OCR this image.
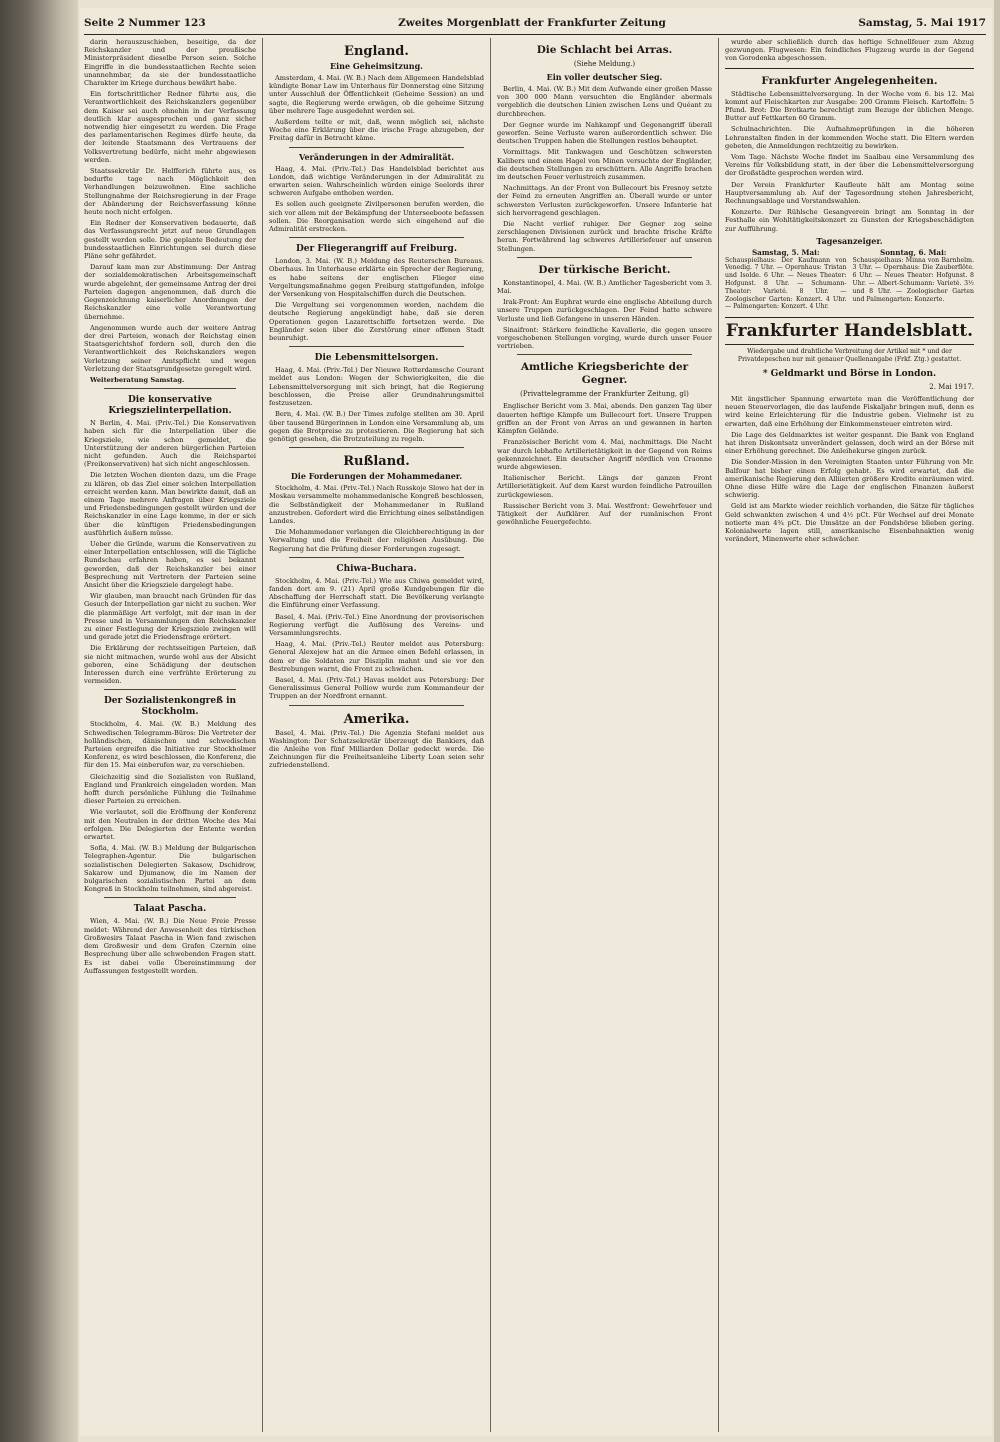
Seite 2 Nummer 123	Zweites Morgenblatt der Frankfurter Zeitung	Samstag, 5. Mai 1917

darin herauszuschieben, beseitige, da der Reichskanzler und der preußische Ministerpräsident dieselbe Person seien. Solche Eingriffe in die bundesstaatlichen Rechte seien unannehmbar, da sie der bundesstaatliche Charakter im Kriege durchaus bewährt habe.

Ein fortschrittlicher Redner führte aus, die Verantwortlichkeit des Reichskanzlers gegenüber dem Kaiser sei auch ohnehin in der Verfassung deutlich klar ausgesprochen und ganz sicher notwendig hier eingesetzt zu werden. Die Frage des parlamentarischen Regimes dürfe heute, da der leitende Staatsmann des Vertrauens der Volksvertretung bedürfe, nicht mehr abgewiesen werden.

Staatssekretär Dr. Helfferich führte aus, es bedurfte tage nach Möglichkeit den Verhandlungen beizuwohnen. Eine sachliche Stellungnahme der Reichsregierung in der Frage der Abänderung der Reichsverfassung könne heute noch nicht erfolgen.

Ein Redner der Konservativen bedauerte, daß das Verfassungsrecht jetzt auf neue Grundlagen gestellt werden solle. Die geplante Bedeutung der bundesstaatlichen Einrichtungen sei durch diese Pläne sehr gefährdet.

Darauf kam man zur Abstimmung: Der Antrag der sozialdemokratischen Arbeitsgemeinschaft wurde abgelehnt, der gemeinsame Antrag der drei Parteien dagegen angenommen, daß durch die Gegenzeichnung kaiserlicher Anordnungen der Reichskanzler eine volle Verantwortung übernehme.

Angenommen wurde auch der weitere Antrag der drei Parteien, wonach der Reichstag einen Staatsgerichtshof fordern soll, durch den die Verantwortlichkeit des Reichskanzlers wegen Verletzung seiner Amtspflicht und wegen Verletzung der Staatsgrundgesetze geregelt wird.

Weiterberatung Samstag.

Die konservative Kriegszielinterpellation.

N Berlin, 4. Mai. (Priv.-Tel.) Die Konservativen haben sich für die Interpellation über die Kriegsziele, wie schon gemeldet, die Unterstützung der anderen bürgerlichen Parteien nicht gefunden. Auch die Reichspartei (Freikonservativen) hat sich nicht angeschlossen.

Die letzten Wochen dienten dazu, um die Frage zu klären, ob das Ziel einer solchen Interpellation erreicht werden kann. Man bewirkte damit, daß an einem Tage mehrere Anfragen über Kriegsziele und Friedensbedingungen gestellt würden und der Reichskanzler in eine Lage komme, in der er sich über die künftigen Friedensbedingungen ausführlich äußern müsse.

Ueber die Gründe, warum die Konservativen zu einer Interpellation entschlossen, will die Tägliche Rundschau erfahren haben, es sei bekannt geworden, daß der Reichskanzler bei einer Besprechung mit Vertretern der Parteien seine Ansicht über die Kriegsziele dargelegt habe.

Wir glauben, man braucht nach Gründen für das Gesuch der Interpellation gar nicht zu suchen. Wer die planmäßige Art verfolgt, mit der man in der Presse und in Versammlungen den Reichskanzler zu einer Festlegung der Kriegsziele zwingen will und gerade jetzt die Friedensfrage erörtert.

Die Erklärung der rechtsseitigen Parteien, daß sie nicht mitmachen, wurde wohl aus der Absicht geboren, eine Schädigung der deutschen Interessen durch eine verfrühte Erörterung zu vermeiden.

Der Sozialistenkongreß in Stockholm.

Stockholm, 4. Mai. (W. B.) Meldung des Schwedischen Telegramm-Büros: Die Vertreter der holländischen, dänischen und schwedischen Parteien ergreifen die Initiative zur Stockholmer Konferenz, es wird beschlossen, die Konferenz, die für den 15. Mai einberufen war, zu verschieben.

Gleichzeitig sind die Sozialisten von Rußland, England und Frankreich eingeladen worden. Man hofft durch persönliche Fühlung die Teilnahme dieser Parteien zu erreichen.

Wie verlautet, soll die Eröffnung der Konferenz mit den Neutralen in der dritten Woche des Mai erfolgen. Die Delegierten der Entente werden erwartet.

Sofia, 4. Mai. (W. B.) Meldung der Bulgarischen Telegraphen-Agentur. Die bulgarischen sozialistischen Delegierten Sakasow, Dschidrow, Sakarow und Djumanow, die im Namen der bulgarischen sozialistischen Partei an dem Kongreß in Stockholm teilnehmen, sind abgereist.

Talaat Pascha.

Wien, 4. Mai. (W. B.) Die Neue Freie Presse meldet: Während der Anwesenheit des türkischen Großwesirs Talaat Pascha in Wien fand zwischen dem Großwesir und dem Grafen Czernin eine Besprechung über alle schwebenden Fragen statt. Es ist dabei volle Übereinstimmung der Auffassungen festgestellt worden.

England.
Eine Geheimsitzung.

Amsterdam, 4. Mai. (W. B.) Nach dem Allgemeen Handelsblad kündigte Bonar Law im Unterhaus für Donnerstag eine Sitzung unter Ausschluß der Öffentlichkeit (Geheime Session) an und sagte, die Regierung werde erwägen, ob die geheime Sitzung über mehrere Tage ausgedehnt werden sei.

Außerdem teilte er mit, daß, wenn möglich sei, nächste Woche eine Erklärung über die irische Frage abzugeben, der Freitag dafür in Betracht käme.

Veränderungen in der Admiralität.

Haag, 4. Mai. (Priv.-Tel.) Das Handelsblad berichtet aus London, daß wichtige Veränderungen in der Admiralität zu erwarten seien. Wahrscheinlich würden einige Seelords ihrer schweren Aufgabe enthoben werden.

Es sollen auch geeignete Zivilpersonen berufen werden, die sich vor allem mit der Bekämpfung der Unterseeboote befassen sollen. Die Reorganisation werde sich eingehend auf die Admiralität erstrecken.

Der Fliegerangriff auf Freiburg.

London, 3. Mai. (W. B.) Meldung des Reuterschen Bureaus. Oberhaus. Im Unterhause erklärte ein Sprecher der Regierung, es habe seitens der englischen Flieger eine Vergeltungsmaßnahme gegen Freiburg stattgefunden, infolge der Versenkung von Hospitalschiffen durch die Deutschen.

Die Vergeltung sei vorgenommen worden, nachdem die deutsche Regierung angekündigt habe, daß sie deren Operationen gegen Lazarettschiffe fortsetzen werde. Die Engländer seien über die Zerstörung einer offenen Stadt beunruhigt.

Die Lebensmittelsorgen.

Haag, 4. Mai. (Priv.-Tel.) Der Nieuwe Rotterdamsche Courant meldet aus London: Wegen der Schwierigkeiten, die die Lebensmittelversorgung mit sich bringt, hat die Regierung beschlossen, die Preise aller Grundnahrungsmittel festzusetzen.

Bern, 4. Mai. (W. B.) Der Times zufolge stellten am 30. April über tausend Bürgerinnen in London eine Versammlung ab, um gegen die Brotpreise zu protestieren. Die Regierung hat sich genötigt gesehen, die Brotzuteilung zu regeln.

Rußland.
Die Forderungen der Mohammedaner.

Stockholm, 4. Mai. (Priv.-Tel.) Nach Russkoje Slowo hat der in Moskau versammelte mohammedanische Kongreß beschlossen, die Selbständigkeit der Mohammedaner in Rußland anzustreben. Gefordert wird die Errichtung eines selbständigen Landes.

Die Mohammedaner verlangen die Gleichberechtigung in der Verwaltung und die Freiheit der religiösen Ausübung. Die Regierung hat die Prüfung dieser Forderungen zugesagt.

Chiwa-Buchara.

Stockholm, 4. Mai. (Priv.-Tel.) Wie aus Chiwa gemeldet wird, fanden dort am 9. (21) April große Kundgebungen für die Abschaffung der Herrschaft statt. Die Bevölkerung verlangte die Einführung einer Verfassung.

Basel, 4. Mai. (Priv.-Tel.) Eine Anordnung der provisorischen Regierung verfügt die Auflösung des Vereins- und Versammlungsrechts.

Haag, 4. Mai. (Priv.-Tel.) Reuter meldet aus Petersburg: General Alexejew hat an die Armee einen Befehl erlassen, in dem er die Soldaten zur Disziplin mahnt und sie vor den Bestrebungen warnt, die Front zu schwächen.

Basel, 4. Mai. (Priv.-Tel.) Havas meldet aus Petersburg: Der Generalissimus General Polliow wurde zum Kommandeur der Truppen an der Nordfront ernannt.

Amerika.

Basel, 4. Mai. (Priv.-Tel.) Die Agenzia Stefani meldet aus Washington: Der Schatzsekretär überzeugt die Bankiers, daß die Anleihe von fünf Milliarden Dollar gedeckt werde. Die Zeichnungen für die Freiheitsanleihe Liberty Loan seien sehr zufriedenstellend.

Die Schlacht bei Arras.
(Siehe Meldung.)
Ein voller deutscher Sieg.

Berlin, 4. Mai. (W. B.) Mit dem Aufwande einer großen Masse von 300 000 Mann versuchten die Engländer abermals vergeblich die deutschen Linien zwischen Lens und Quéant zu durchbrechen.

Der Gegner wurde im Nahkampf und Gegenangriff überall geworfen. Seine Verluste waren außerordentlich schwer. Die deutschen Truppen haben die Stellungen restlos behauptet.

Vormittags. Mit Tankwagen und Geschützen schwersten Kalibers und einem Hagel von Minen versuchte der Engländer, die deutschen Stellungen zu erschüttern. Alle Angriffe brachen im deutschen Feuer verlustreich zusammen.

Nachmittags. An der Front von Bullecourt bis Fresnoy setzte der Feind zu erneuten Angriffen an. Überall wurde er unter schwersten Verlusten zurückgeworfen. Unsere Infanterie hat sich hervorragend geschlagen.

Die Nacht verlief ruhiger. Der Gegner zog seine zerschlagenen Divisionen zurück und brachte frische Kräfte heran. Fortwährend lag schweres Artilleriefeuer auf unseren Stellungen.

Der türkische Bericht.

Konstantinopel, 4. Mai. (W. B.) Amtlicher Tagesbericht vom 3. Mai.

Irak-Front: Am Euphrat wurde eine englische Abteilung durch unsere Truppen zurückgeschlagen. Der Feind hatte schwere Verluste und ließ Gefangene in unseren Händen.

Sinaifront: Stärkere feindliche Kavallerie, die gegen unsere vorgeschobenen Stellungen vorging, wurde durch unser Feuer vertrieben.

Amtliche Kriegsberichte der Gegner.
(Privattelegramme der Frankfurter Zeitung, gl)

Englischer Bericht vom 3. Mai, abends. Den ganzen Tag über dauerten heftige Kämpfe um Bullecourt fort. Unsere Truppen griffen an der Front von Arras an und gewannen in harten Kämpfen Gelände.

Französischer Bericht vom 4. Mai, nachmittags. Die Nacht war durch lebhafte Artillerietätigkeit in der Gegend von Reims gekennzeichnet. Ein deutscher Angriff nördlich von Craonne wurde abgewiesen.

Italienischer Bericht. Längs der ganzen Front Artillerietätigkeit. Auf dem Karst wurden feindliche Patrouillen zurückgewiesen.

Russischer Bericht vom 3. Mai. Westfront: Gewehrfeuer und Tätigkeit der Aufklärer. Auf der rumänischen Front gewöhnliche Feuergefechte.

wurde aber schließlich durch das heftige Schnellfeuer zum Abzug gezwungen. Flugwesen: Ein feindliches Flugzeug wurde in der Gegend von Gorodenka abgeschossen.

Frankfurter Angelegenheiten.

Städtische Lebensmittelversorgung. In der Woche vom 6. bis 12. Mai kommt auf Fleischkarten zur Ausgabe: 200 Gramm Fleisch. Kartoffeln: 5 Pfund. Brot: Die Brotkarte berechtigt zum Bezuge der üblichen Menge. Butter auf Fettkarten 60 Gramm.

Schulnachrichten. Die Aufnahmeprüfungen in die höheren Lehranstalten finden in der kommenden Woche statt. Die Eltern werden gebeten, die Anmeldungen rechtzeitig zu bewirken.

Vom Tage. Nächste Woche findet im Saalbau eine Versammlung des Vereins für Volksbildung statt, in der über die Lebensmittelversorgung der Großstädte gesprochen werden wird.

Der Verein Frankfurter Kaufleute hält am Montag seine Hauptversammlung ab. Auf der Tagesordnung stehen Jahresbericht, Rechnungsablage und Vorstandswahlen.

Konzerte. Der Rühlsche Gesangverein bringt am Sonntag in der Festhalle ein Wohltätigkeitskonzert zu Gunsten der Kriegsbeschädigten zur Aufführung.

Tagesanzeiger.
Samstag, 5. Mai:
Schauspielhaus: Der Kaufmann von Venedig. 7 Uhr. — Opernhaus: Tristan und Isolde. 6 Uhr. — Neues Theater: Hofgunst. 8 Uhr. — Schumann-Theater: Varieté. 8 Uhr. — Zoologischer Garten: Konzert. 4 Uhr. — Palmengarten: Konzert. 4 Uhr.
Sonntag, 6. Mai:
Schauspielhaus: Minna von Barnhelm. 3 Uhr. — Opernhaus: Die Zauberflöte. 6 Uhr. — Neues Theater: Hofgunst. 8 Uhr. — Albert-Schumann: Varieté. 3½ und 8 Uhr. — Zoologischer Garten und Palmengarten: Konzerte.
Frankfurter Handelsblatt.
Wiedergabe und drahtliche Verbreitung der Artikel mit * und der Privatdepeschen nur mit genauer Quellenangabe (Frkf. Ztg.) gestattet.
* Geldmarkt und Börse in London.
2. Mai 1917.

Mit ängstlicher Spannung erwartete man die Veröffentlichung der neuen Steuervorlagen, die das laufende Fiskaljahr bringen muß, denn es wird keine Erleichterung für die Industrie geben. Vielmehr ist zu erwarten, daß eine Erhöhung der Einkommensteuer eintreten wird.

Die Lage des Geldmarktes ist weiter gespannt. Die Bank von England hat ihren Diskontsatz unverändert gelassen, doch wird an der Börse mit einer Erhöhung gerechnet. Die Anleihekurse gingen zurück.

Die Sonder-Mission in den Vereinigten Staaten unter Führung von Mr. Balfour hat bisher einen Erfolg gehabt. Es wird erwartet, daß die amerikanische Regierung den Alliierten größere Kredite einräumen wird. Ohne diese Hilfe wäre die Lage der englischen Finanzen äußerst schwierig.

Geld ist am Markte wieder reichlich vorhanden, die Sätze für tägliches Geld schwankten zwischen 4 und 4½ pCt. Für Wechsel auf drei Monate notierte man 4¾ pCt. Die Umsätze an der Fondsbörse blieben gering. Kolonialwerte lagen still, amerikanische Eisenbahnaktien wenig verändert, Minenwerte eher schwächer.
